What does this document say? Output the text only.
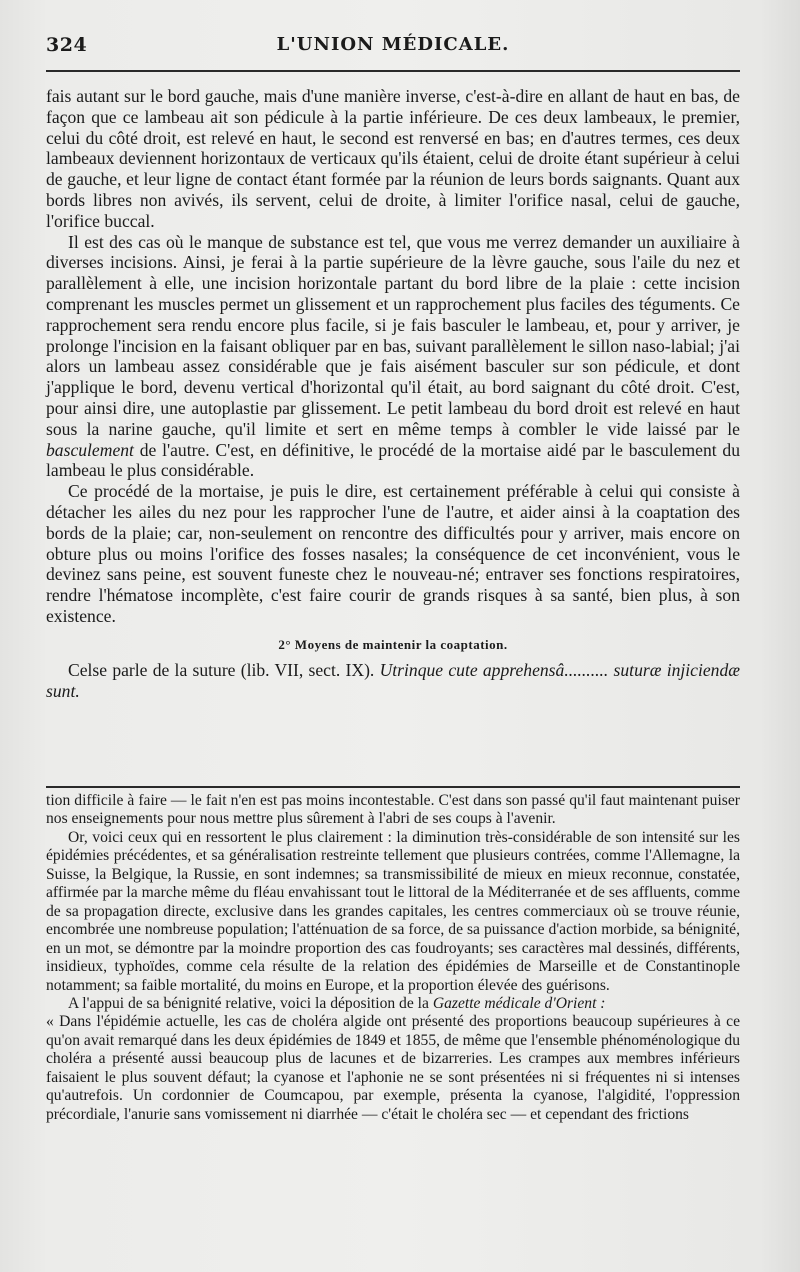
324	L'UNION MÉDICALE.

fais autant sur le bord gauche, mais d'une manière inverse, c'est-à-dire en allant de haut en bas, de façon que ce lambeau ait son pédicule à la partie inférieure. De ces deux lambeaux, le premier, celui du côté droit, est relevé en haut, le second est renversé en bas; en d'autres termes, ces deux lambeaux deviennent horizontaux de verticaux qu'ils étaient, celui de droite étant supérieur à celui de gauche, et leur ligne de contact étant formée par la réunion de leurs bords saignants. Quant aux bords libres non avivés, ils servent, celui de droite, à limiter l'orifice nasal, celui de gauche, l'orifice buccal.

Il est des cas où le manque de substance est tel, que vous me verrez demander un auxiliaire à diverses incisions. Ainsi, je ferai à la partie supérieure de la lèvre gauche, sous l'aile du nez et parallèlement à elle, une incision horizontale partant du bord libre de la plaie : cette incision comprenant les muscles permet un glissement et un rapprochement plus faciles des téguments. Ce rapprochement sera rendu encore plus facile, si je fais basculer le lambeau, et, pour y arriver, je prolonge l'incision en la faisant obliquer par en bas, suivant parallèlement le sillon naso-labial; j'ai alors un lambeau assez considérable que je fais aisément basculer sur son pédicule, et dont j'applique le bord, devenu vertical d'horizontal qu'il était, au bord saignant du côté droit. C'est, pour ainsi dire, une autoplastie par glissement. Le petit lambeau du bord droit est relevé en haut sous la narine gauche, qu'il limite et sert en même temps à combler le vide laissé par le basculement de l'autre. C'est, en définitive, le procédé de la mortaise aidé par le basculement du lambeau le plus considérable.

Ce procédé de la mortaise, je puis le dire, est certainement préférable à celui qui consiste à détacher les ailes du nez pour les rapprocher l'une de l'autre, et aider ainsi à la coaptation des bords de la plaie; car, non-seulement on rencontre des difficultés pour y arriver, mais encore on obture plus ou moins l'orifice des fosses nasales; la conséquence de cet inconvénient, vous le devinez sans peine, est souvent funeste chez le nouveau-né; entraver ses fonctions respiratoires, rendre l'hématose incomplète, c'est faire courir de grands risques à sa santé, bien plus, à son existence.

2° Moyens de maintenir la coaptation.

Celse parle de la suture (lib. VII, sect. IX). Utrinque cute apprehensâ.......... suturæ injiciendæ sunt.

tion difficile à faire — le fait n'en est pas moins incontestable. C'est dans son passé qu'il faut maintenant puiser nos enseignements pour nous mettre plus sûrement à l'abri de ses coups à l'avenir.

Or, voici ceux qui en ressortent le plus clairement : la diminution très-considérable de son intensité sur les épidémies précédentes, et sa généralisation restreinte tellement que plusieurs contrées, comme l'Allemagne, la Suisse, la Belgique, la Russie, en sont indemnes; sa transmissibilité de mieux en mieux reconnue, constatée, affirmée par la marche même du fléau envahissant tout le littoral de la Méditerranée et de ses affluents, comme de sa propagation directe, exclusive dans les grandes capitales, les centres commerciaux où se trouve réunie, encombrée une nombreuse population; l'atténuation de sa force, de sa puissance d'action morbide, sa bénignité, en un mot, se démontre par la moindre proportion des cas foudroyants; ses caractères mal dessinés, différents, insidieux, typhoïdes, comme cela résulte de la relation des épidémies de Marseille et de Constantinople notamment; sa faible mortalité, du moins en Europe, et la proportion élevée des guérisons.

A l'appui de sa bénignité relative, voici la déposition de la Gazette médicale d'Orient :

« Dans l'épidémie actuelle, les cas de choléra algide ont présenté des proportions beaucoup supérieures à ce qu'on avait remarqué dans les deux épidémies de 1849 et 1855, de même que l'ensemble phénoménologique du choléra a présenté aussi beaucoup plus de lacunes et de bizarreries. Les crampes aux membres inférieurs faisaient le plus souvent défaut; la cyanose et l'aphonie ne se sont présentées ni si fréquentes ni si intenses qu'autrefois. Un cordonnier de Coumcapou, par exemple, présenta la cyanose, l'algidité, l'oppression précordiale, l'anurie sans vomissement ni diarrhée — c'était le choléra sec — et cependant des frictions
